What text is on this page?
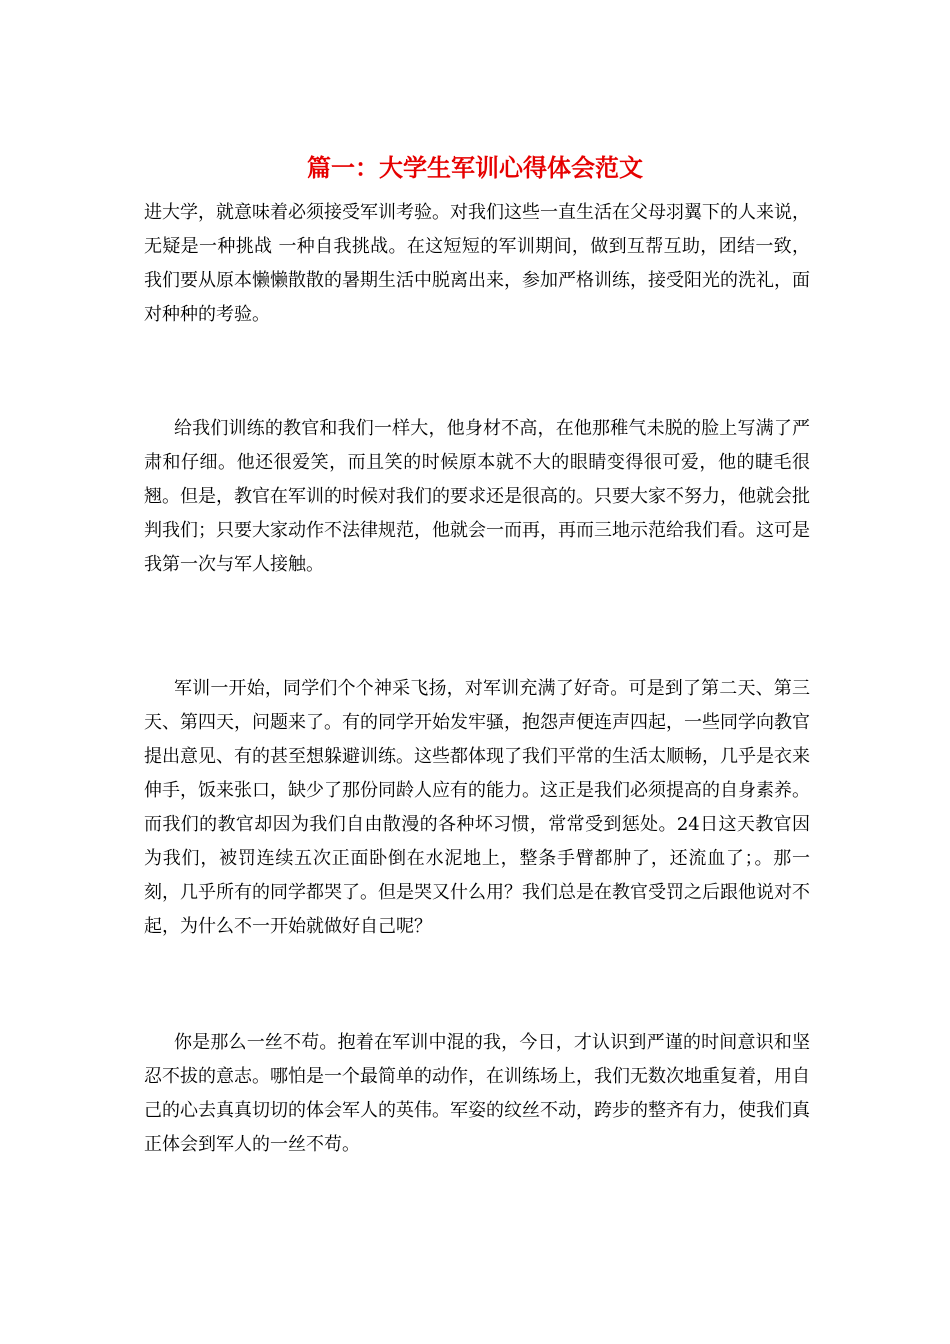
篇一：大学生军训心得体会范文

进大学，就意味着必须接受军训考验。对我们这些一直生活在父母羽翼下的人来说，无疑是一种挑战 一种自我挑战。在这短短的军训期间，做到互帮互助，团结一致，我们要从原本懒懒散散的暑期生活中脱离出来，参加严格训练，接受阳光的洗礼，面对种种的考验。

给我们训练的教官和我们一样大，他身材不高，在他那稚气未脱的脸上写满了严肃和仔细。他还很爱笑，而且笑的时候原本就不大的眼睛变得很可爱，他的睫毛很翘。但是，教官在军训的时候对我们的要求还是很高的。只要大家不努力，他就会批判我们；只要大家动作不法律规范，他就会一而再，再而三地示范给我们看。这可是我第一次与军人接触。

军训一开始，同学们个个神采飞扬，对军训充满了好奇。可是到了第二天、第三天、第四天，问题来了。有的同学开始发牢骚，抱怨声便连声四起，一些同学向教官提出意见、有的甚至想躲避训练。这些都体现了我们平常的生活太顺畅，几乎是衣来伸手，饭来张口，缺少了那份同龄人应有的能力。这正是我们必须提高的自身素养。而我们的教官却因为我们自由散漫的各种坏习惯，常常受到惩处。24日这天教官因为我们，被罚连续五次正面卧倒在水泥地上，整条手臂都肿了，还流血了；。那一刻，几乎所有的同学都哭了。但是哭又什么用？我们总是在教官受罚之后跟他说对不起，为什么不一开始就做好自己呢？

你是那么一丝不苟。抱着在军训中混的我，今日，才认识到严谨的时间意识和坚忍不拔的意志。哪怕是一个最简单的动作，在训练场上，我们无数次地重复着，用自己的心去真真切切的体会军人的英伟。军姿的纹丝不动，跨步的整齐有力，使我们真正体会到军人的一丝不苟。
